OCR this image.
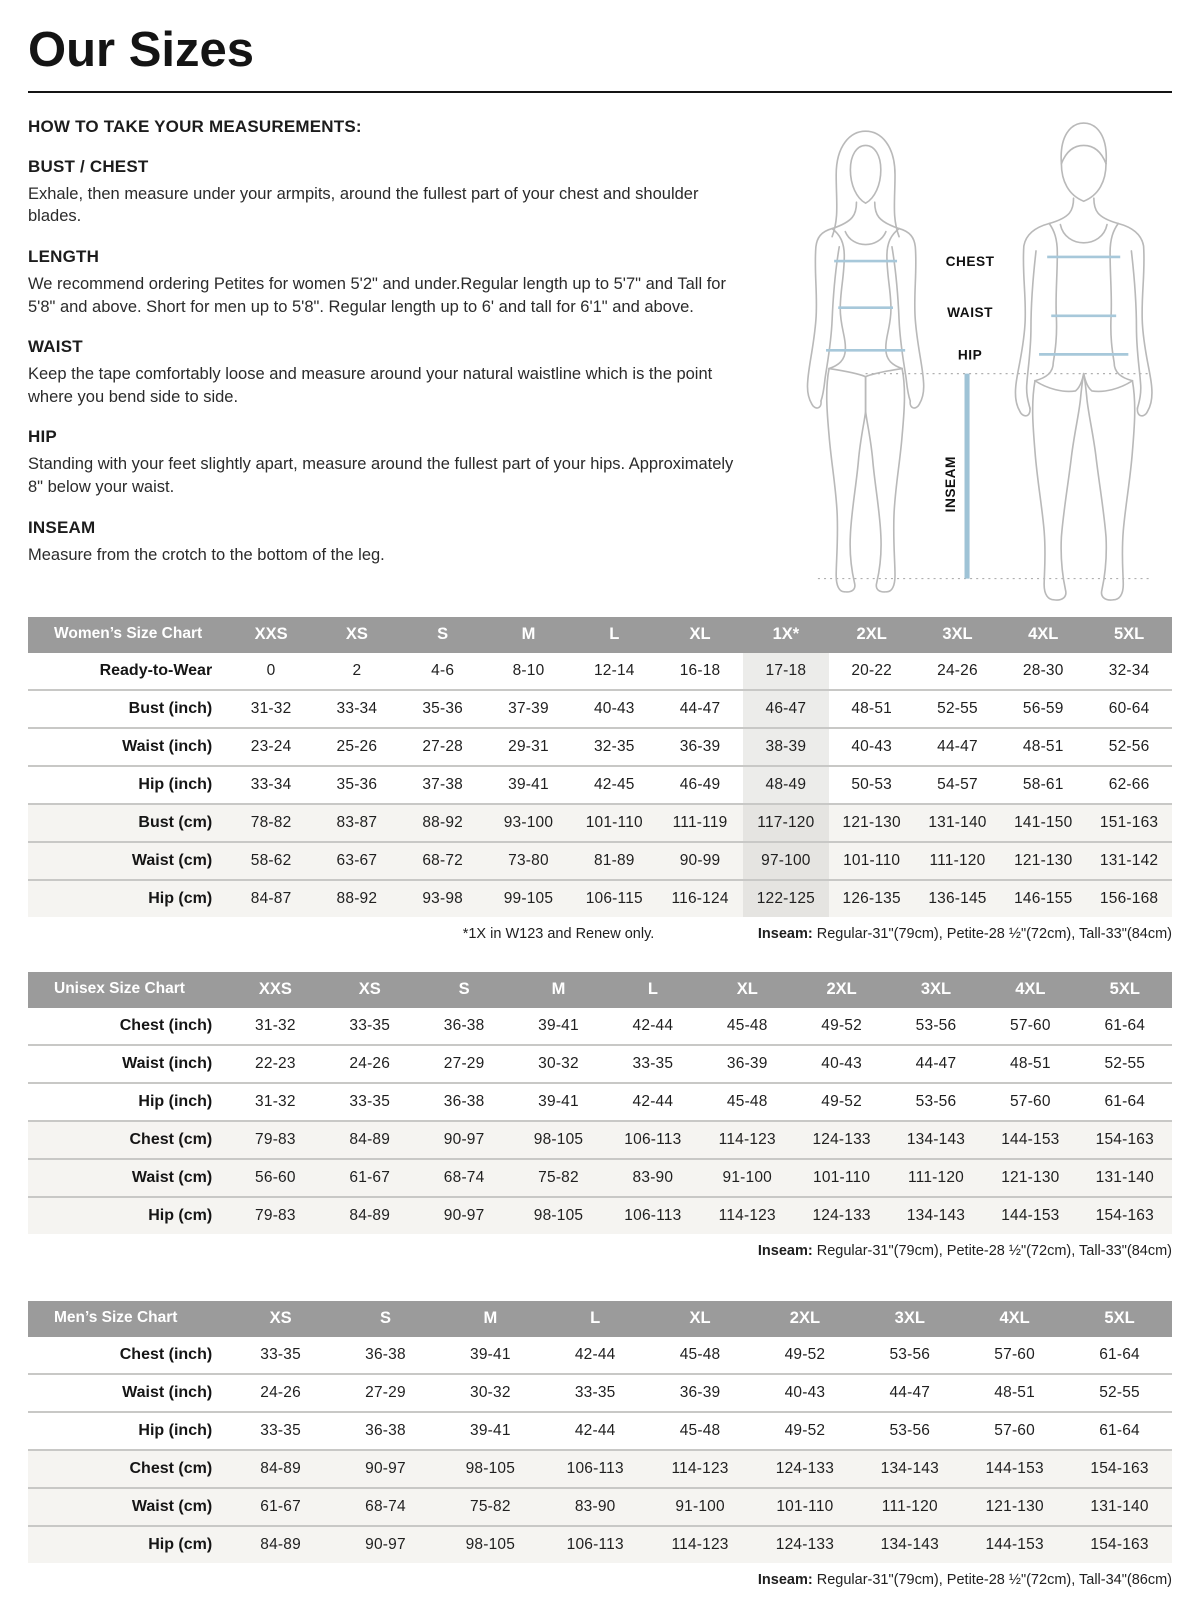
Our Sizes

HOW TO TAKE YOUR MEASUREMENTS:

BUST / CHEST

Exhale, then measure under your armpits, around the fullest part of your chest and shoulder blades.

LENGTH

We recommend ordering Petites for women 5'2" and under.Regular length up to 5'7" and Tall for 5'8" and above. Short for men up to 5'8". Regular length up to 6' and tall for 6'1" and above.

WAIST

Keep the tape comfortably loose and measure around your natural waistline which is the point where you bend side to side.

HIP

Standing with your feet slightly apart, measure around the fullest part of your hips. Approximately 8" below your waist.

INSEAM

Measure from the crotch to the bottom of the leg.

CHEST
WAIST
HIP
INSEAM
Women’s Size Chart	XXS	XS	S	M	L	XL	1X*	2XL	3XL	4XL	5XL
Ready-to-Wear	0	2	4-6	8-10	12-14	16-18	17-18	20-22	24-26	28-30	32-34
Bust (inch)	31-32	33-34	35-36	37-39	40-43	44-47	46-47	48-51	52-55	56-59	60-64
Waist (inch)	23-24	25-26	27-28	29-31	32-35	36-39	38-39	40-43	44-47	48-51	52-56
Hip (inch)	33-34	35-36	37-38	39-41	42-45	46-49	48-49	50-53	54-57	58-61	62-66
Bust (cm)	78-82	83-87	88-92	93-100	101-110	111-119	117-120	121-130	131-140	141-150	151-163
Waist (cm)	58-62	63-67	68-72	73-80	81-89	90-99	97-100	101-110	111-120	121-130	131-142
Hip (cm)	84-87	88-92	93-98	99-105	106-115	116-124	122-125	126-135	136-145	146-155	156-168
*1X in W123 and Renew only.	Inseam: Regular-31"(79cm), Petite-28 ½"(72cm), Tall-33"(84cm)
Unisex Size Chart	XXS	XS	S	M	L	XL	2XL	3XL	4XL	5XL
Chest (inch)	31-32	33-35	36-38	39-41	42-44	45-48	49-52	53-56	57-60	61-64
Waist (inch)	22-23	24-26	27-29	30-32	33-35	36-39	40-43	44-47	48-51	52-55
Hip (inch)	31-32	33-35	36-38	39-41	42-44	45-48	49-52	53-56	57-60	61-64
Chest (cm)	79-83	84-89	90-97	98-105	106-113	114-123	124-133	134-143	144-153	154-163
Waist (cm)	56-60	61-67	68-74	75-82	83-90	91-100	101-110	111-120	121-130	131-140
Hip (cm)	79-83	84-89	90-97	98-105	106-113	114-123	124-133	134-143	144-153	154-163
Inseam: Regular-31"(79cm), Petite-28 ½"(72cm), Tall-33"(84cm)
Men’s Size Chart	XS	S	M	L	XL	2XL	3XL	4XL	5XL
Chest (inch)	33-35	36-38	39-41	42-44	45-48	49-52	53-56	57-60	61-64
Waist (inch)	24-26	27-29	30-32	33-35	36-39	40-43	44-47	48-51	52-55
Hip (inch)	33-35	36-38	39-41	42-44	45-48	49-52	53-56	57-60	61-64
Chest (cm)	84-89	90-97	98-105	106-113	114-123	124-133	134-143	144-153	154-163
Waist (cm)	61-67	68-74	75-82	83-90	91-100	101-110	111-120	121-130	131-140
Hip (cm)	84-89	90-97	98-105	106-113	114-123	124-133	134-143	144-153	154-163
Inseam: Regular-31"(79cm), Petite-28 ½"(72cm), Tall-34"(86cm)
